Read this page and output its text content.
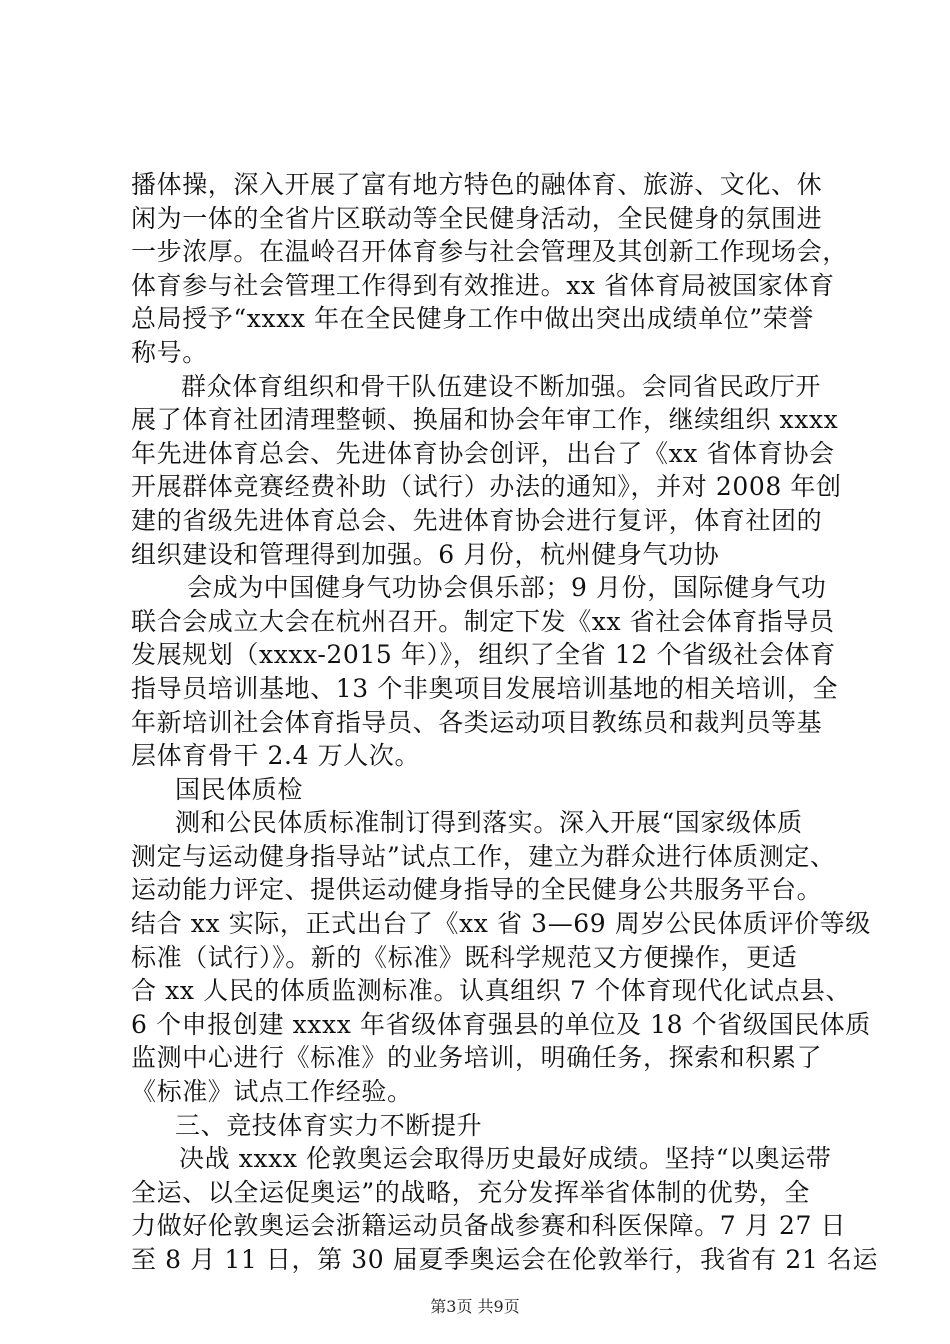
播体操，深入开展了富有地方特色的融体育、旅游、文化、休
闲为一体的全省片区联动等全民健身活动，全民健身的氛围进
一步浓厚。在温岭召开体育参与社会管理及其创新工作现场会，
体育参与社会管理工作得到有效推进。xx 省体育局被国家体育
总局授予“xxxx 年在全民健身工作中做出突出成绩单位”荣誉
称号。
群众体育组织和骨干队伍建设不断加强。会同省民政厅开
展了体育社团清理整顿、换届和协会年审工作，继续组织 xxxx
年先进体育总会、先进体育协会创评，出台了《xx 省体育协会
开展群体竞赛经费补助（试行）办法的通知》，并对 2008 年创
建的省级先进体育总会、先进体育协会进行复评，体育社团的
组织建设和管理得到加强。6 月份，杭州健身气功协
会成为中国健身气功协会俱乐部；9 月份，国际健身气功
联合会成立大会在杭州召开。制定下发《xx 省社会体育指导员
发展规划（xxxx-2015 年）》，组织了全省 12 个省级社会体育
指导员培训基地、13 个非奥项目发展培训基地的相关培训，全
年新培训社会体育指导员、各类运动项目教练员和裁判员等基
层体育骨干 2.4 万人次。
国民体质检
测和公民体质标准制订得到落实。深入开展“国家级体质
测定与运动健身指导站”试点工作，建立为群众进行体质测定、
运动能力评定、提供运动健身指导的全民健身公共服务平台。
结合 xx 实际，正式出台了《xx 省 3—69 周岁公民体质评价等级
标准（试行）》。新的《标准》既科学规范又方便操作，更适
合 xx 人民的体质监测标准。认真组织 7 个体育现代化试点县、
6 个申报创建 xxxx 年省级体育强县的单位及 18 个省级国民体质
监测中心进行《标准》的业务培训，明确任务，探索和积累了
《标准》试点工作经验。
三、竞技体育实力不断提升
决战 xxxx 伦敦奥运会取得历史最好成绩。坚持“以奥运带
全运、以全运促奥运”的战略，充分发挥举省体制的优势，全
力做好伦敦奥运会浙籍运动员备战参赛和科医保障。7 月 27 日
至 8 月 11 日，第 30 届夏季奥运会在伦敦举行，我省有 21 名运
第3页 共9页
